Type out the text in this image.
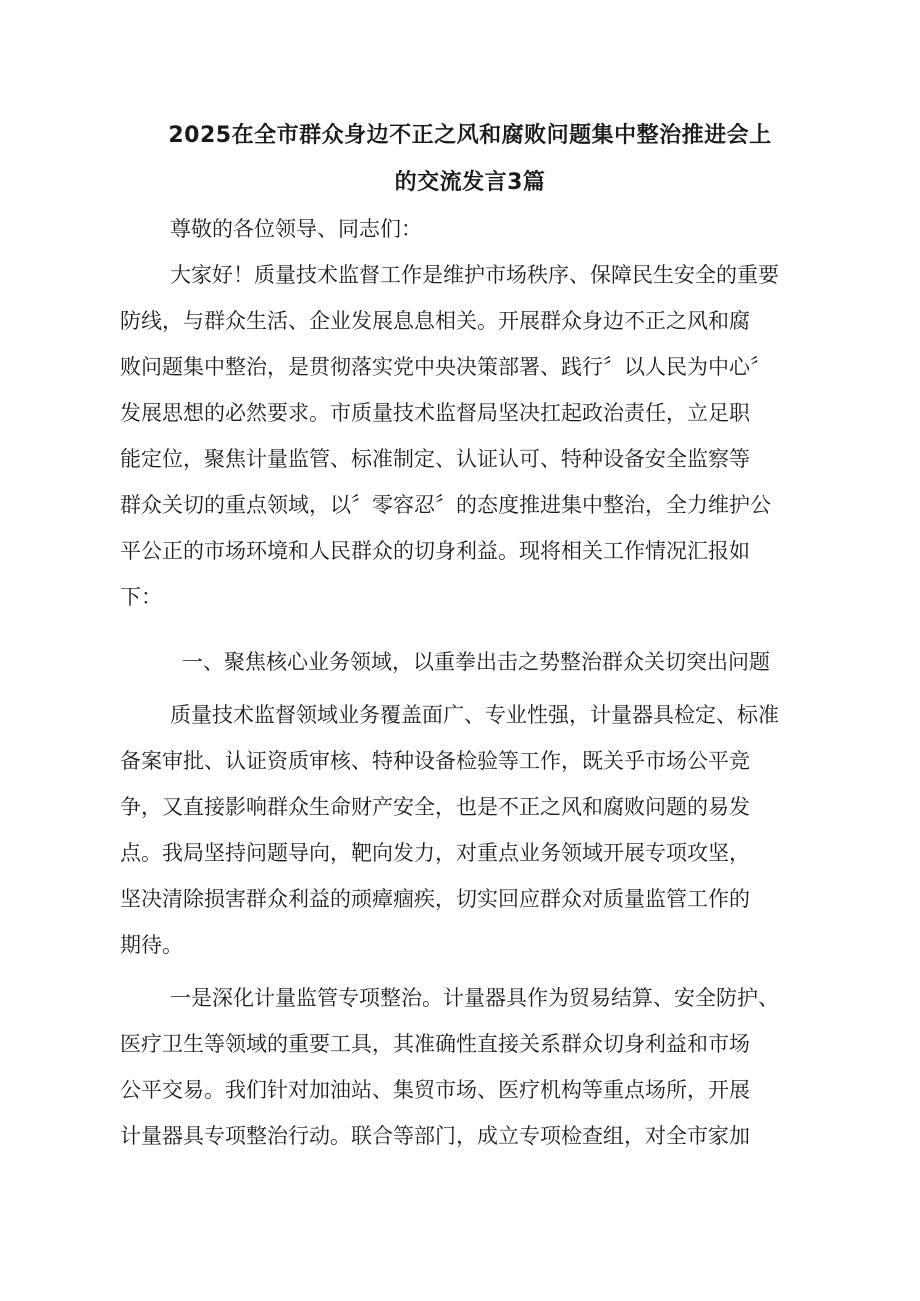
2025在全市群众身边不正之风和腐败问题集中整治推进会上
的交流发言3篇
尊敬的各位领导、同志们：
大家好！质量技术监督工作是维护市场秩序、保障民生安全的重要
防线，与群众生活、企业发展息息相关。开展群众身边不正之风和腐
败问题集中整治，是贯彻落实党中央决策部署、践行〞以人民为中心〞
发展思想的必然要求。市质量技术监督局坚决扛起政治责任，立足职
能定位，聚焦计量监管、标准制定、认证认可、特种设备安全监察等
群众关切的重点领域，以〞零容忍〞的态度推进集中整治，全力维护公
平公正的市场环境和人民群众的切身利益。现将相关工作情况汇报如
下：
一、聚焦核心业务领域，以重拳出击之势整治群众关切突出问题
质量技术监督领域业务覆盖面广、专业性强，计量器具检定、标准
备案审批、认证资质审核、特种设备检验等工作，既关乎市场公平竞
争，又直接影响群众生命财产安全，也是不正之风和腐败问题的易发
点。我局坚持问题导向，靶向发力，对重点业务领域开展专项攻坚，
坚决清除损害群众利益的顽瘴痼疾，切实回应群众对质量监管工作的
期待。
一是深化计量监管专项整治。计量器具作为贸易结算、安全防护、
医疗卫生等领域的重要工具，其准确性直接关系群众切身利益和市场
公平交易。我们针对加油站、集贸市场、医疗机构等重点场所，开展
计量器具专项整治行动。联合等部门，成立专项检查组，对全市家加
